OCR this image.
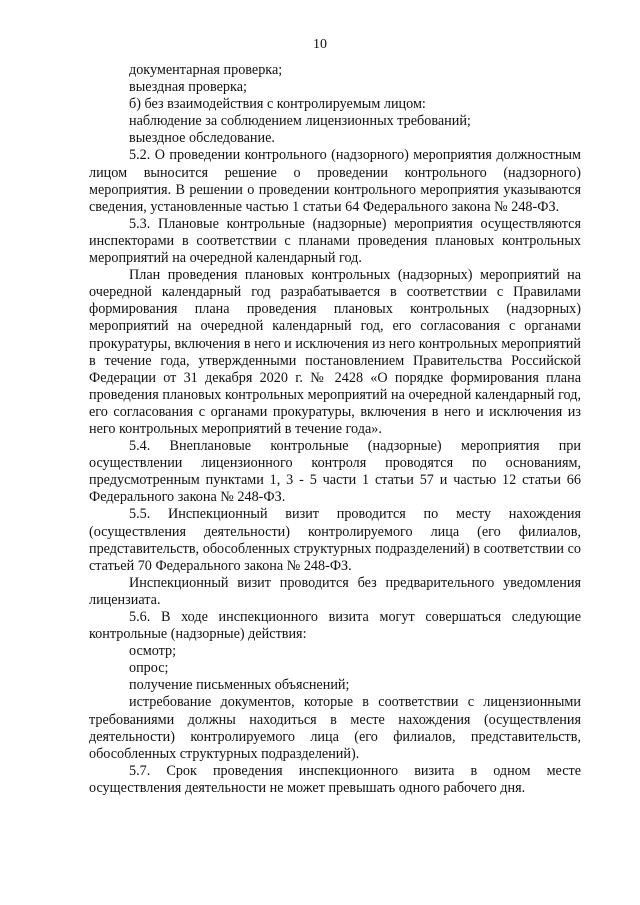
10

документарная проверка;

выездная проверка;

б) без взаимодействия с контролируемым лицом:

наблюдение за соблюдением лицензионных требований;

выездное обследование.

5.2. О проведении контрольного (надзорного) мероприятия должностным лицом выносится решение о проведении контрольного (надзорного) мероприятия. В решении о проведении контрольного мероприятия указываются сведения, установленные частью 1 статьи 64 Федерального закона № 248-ФЗ.

5.3. Плановые контрольные (надзорные) мероприятия осуществляются инспекторами в соответствии с планами проведения плановых контрольных мероприятий на очередной календарный год.

План проведения плановых контрольных (надзорных) мероприятий на очередной календарный год разрабатывается в соответствии с Правилами формирования плана проведения плановых контрольных (надзорных) мероприятий на очередной календарный год, его согласования с органами прокуратуры, включения в него и исключения из него контрольных мероприятий в течение года, утвержденными постановлением Правительства Российской Федерации от 31 декабря 2020 г. № 2428 «О порядке формирования плана проведения плановых контрольных мероприятий на очередной календарный год, его согласования с органами прокуратуры, включения в него и исключения из него контрольных мероприятий в течение года».

5.4. Внеплановые контрольные (надзорные) мероприятия при осуществлении лицензионного контроля проводятся по основаниям, предусмотренным пунктами 1, 3 - 5 части 1 статьи 57 и частью 12 статьи 66 Федерального закона № 248-ФЗ.

5.5. Инспекционный визит проводится по месту нахождения (осуществления деятельности) контролируемого лица (его филиалов, представительств, обособленных структурных подразделений) в соответствии со статьей 70 Федерального закона № 248-ФЗ.

Инспекционный визит проводится без предварительного уведомления лицензиата.

5.6. В ходе инспекционного визита могут совершаться следующие контрольные (надзорные) действия:

осмотр;

опрос;

получение письменных объяснений;

истребование документов, которые в соответствии с лицензионными требованиями должны находиться в месте нахождения (осуществления деятельности) контролируемого лица (его филиалов, представительств, обособленных структурных подразделений).

5.7. Срок проведения инспекционного визита в одном месте осуществления деятельности не может превышать одного рабочего дня.
